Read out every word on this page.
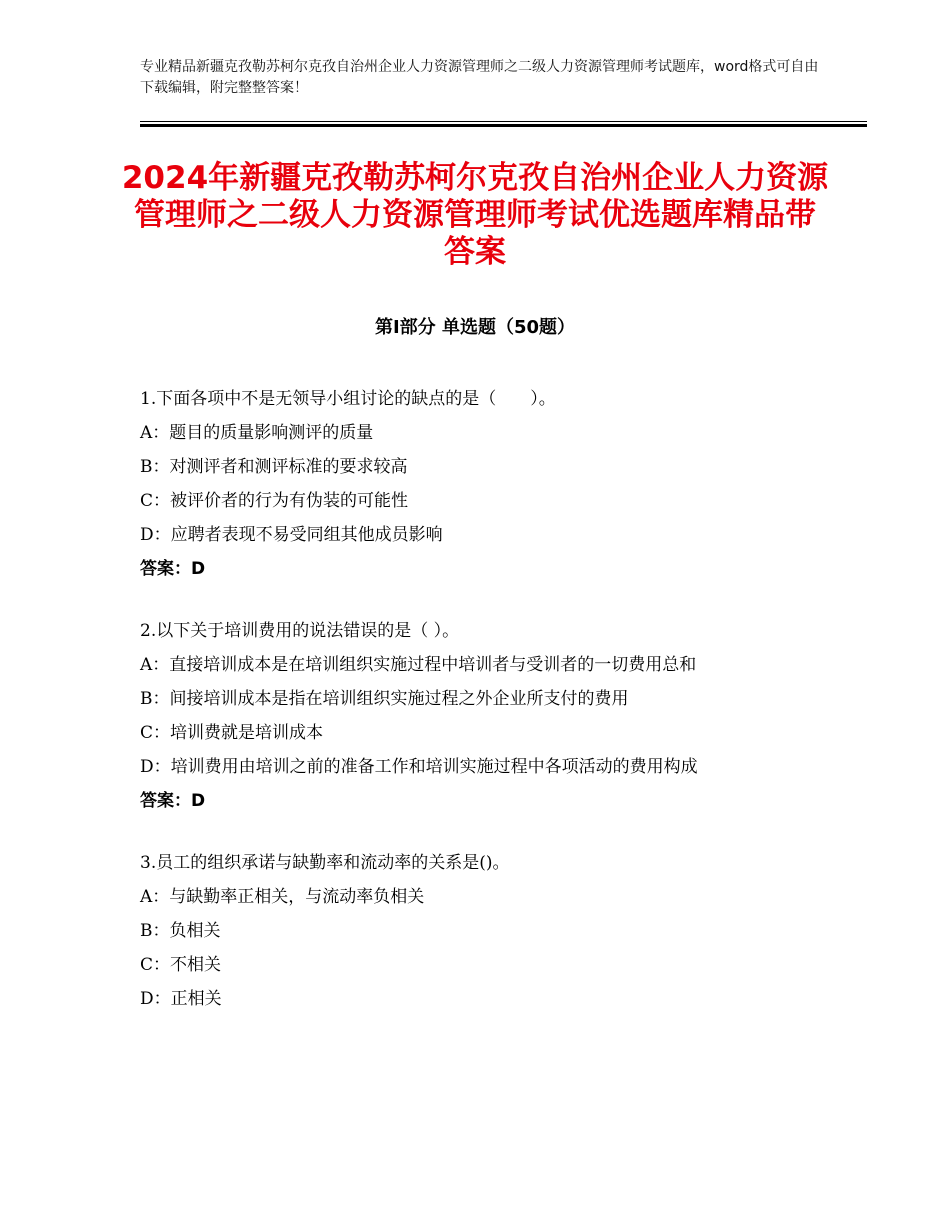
专业精品新疆克孜勒苏柯尔克孜自治州企业人力资源管理师之二级人力资源管理师考试题库，word格式可自由下载编辑，附完整整答案！
2024年新疆克孜勒苏柯尔克孜自治州企业人力资源管理师之二级人力资源管理师考试优选题库精品带答案
第Ⅰ部分 单选题（50题）

1.下面各项中不是无领导小组讨论的缺点的是（　　）。

A：题目的质量影响测评的质量

B：对测评者和测评标准的要求较高

C：被评价者的行为有伪装的可能性

D：应聘者表现不易受同组其他成员影响

答案：D

2.以下关于培训费用的说法错误的是（ ）。

A：直接培训成本是在培训组织实施过程中培训者与受训者的一切费用总和

B：间接培训成本是指在培训组织实施过程之外企业所支付的费用

C：培训费就是培训成本

D：培训费用由培训之前的准备工作和培训实施过程中各项活动的费用构成

答案：D

3.员工的组织承诺与缺勤率和流动率的关系是()。

A：与缺勤率正相关，与流动率负相关

B：负相关

C：不相关

D：正相关
